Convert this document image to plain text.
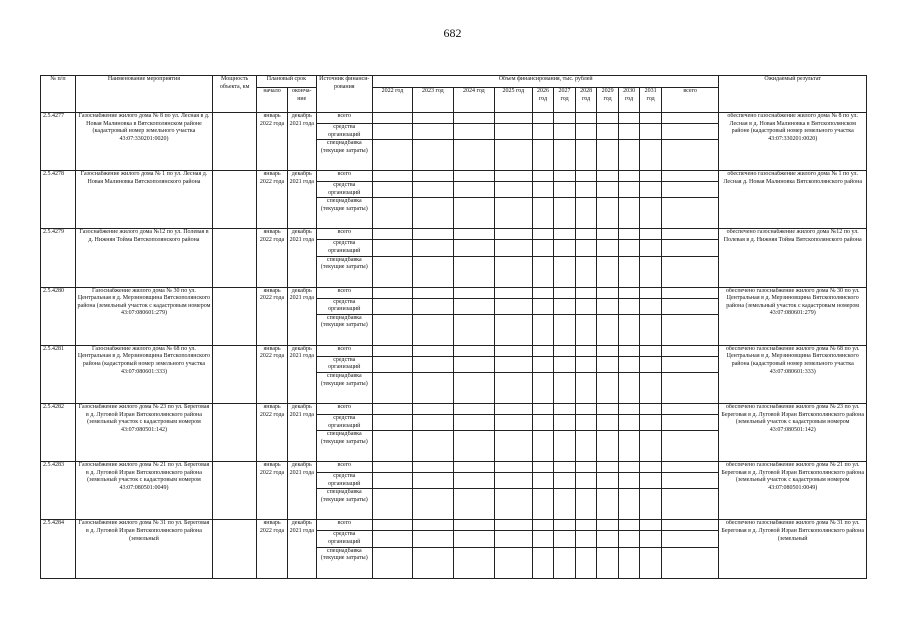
682
№ п/п	Наименование мероприятия	Мощность объекта, км	Плановый срок		Источник финанси-рования	Объем финансирования, тыс. рублей											Ожидаемый результат
			начало	оконча-ние		2022 год	2023 год	2024 год	2025 год	2026 год	2027 год	2028 год	2029 год	2030 год	2031 год	всего	
2.5.4277	Газоснабжение жилого дома № 8 по ул. Лесная в д. Новая Малиновка в Вятскополянском районе (кадастровый номер земельного участка 43:07:330201:0020)		январь 2022 года	декабрь 2021 года	всего												обеспечено газоснабжение жилого дома № 8 по ул. Лесная в д. Новая Малиновка в Вятскополянском районе (кадастровый номер земельного участка 43:07:330201:0020)
					средства организаций												
					спецнадбавка (текущие затраты)												
2.5.4278	Газоснабжение жилого дома № 1 по ул. Лесная д. Новая Малиновка Вятскополянского района		январь 2022 года	декабрь 2021 года	всего												обеспечено газоснабжение жилого дома № 1 по ул. Лесная д. Новая Малиновка Вятскополянского района
					средства организаций												
					спецнадбавка (текущие затраты)												
2.5.4279	Газоснабжение жилого дома №12 по ул. Полевая в д. Нижняя Тойма Вятскополянского района		январь 2022 года	декабрь 2021 года	всего												обеспечено газоснабжение жилого дома №12 по ул. Полевая в д. Нижняя Тойма Вятскополянского района
					средства организаций												
					спецнадбавка (текущие затраты)												
2.5.4280	Газоснабжение жилого дома № 30 по ул. Центральная в д. Мерзиновщина Вятскополянского района (земельный участок с кадастровым номером 43:07:080601:279)		январь 2022 года	декабрь 2021 года	всего												обеспечено газоснабжение жилого дома № 30 по ул. Центральная в д. Мерзиновщина Вятскополянского района (земельный участок с кадастровым номером 43:07:080601:279)
					средства организаций												
					спецнадбавка (текущие затраты)												
2.5.4281	Газоснабжение жилого дома № 68 по ул. Центральная в д. Мерзиновщина Вятскополянского района (кадастровый номер земельного участка 43:07:080601:333)		январь 2022 года	декабрь 2021 года	всего												обеспечено газоснабжение жилого дома № 68 по ул. Центральная в д. Мерзиновщина Вятскополянского района (кадастровый номер земельного участка 43:07:080601:333)
					средства организаций												
					спецнадбавка (текущие затраты)												
2.5.4282	Газоснабжение жилого дома № 23 по ул. Береговая в д. Луговой Изран Вятскополянского района (земельный участок с кадастровым номером 43:07:080501:142)		январь 2022 года	декабрь 2021 года	всего												обеспечено газоснабжение жилого дома № 23 по ул. Береговая в д. Луговой Изран Вятскополянского района (земельный участок с кадастровым номером 43:07:080501:142)
					средства организаций												
					спецнадбавка (текущие затраты)												
2.5.4283	Газоснабжение жилого дома № 21 по ул. Береговая в д. Луговой Изран Вятскополянского района (земельный участок с кадастровым номером 43:07:080501:0049)		январь 2022 года	декабрь 2021 года	всего												обеспечено газоснабжение жилого дома № 21 по ул. Береговая в д. Луговой Изран Вятскополянского района (земельный участок с кадастровым номером 43:07:080501:0049)
					средства организаций												
					спецнадбавка (текущие затраты)												
2.5.4284	Газоснабжение жилого дома № 31 по ул. Береговая в д. Луговой Изран Вятскополянского района (земельный		январь 2022 года	декабрь 2021 года	всего												обеспечено газоснабжение жилого дома № 31 по ул. Береговая в д. Луговой Изран Вятскополянского района (земельный
					средства организаций												
					спецнадбавка (текущие затраты)												
